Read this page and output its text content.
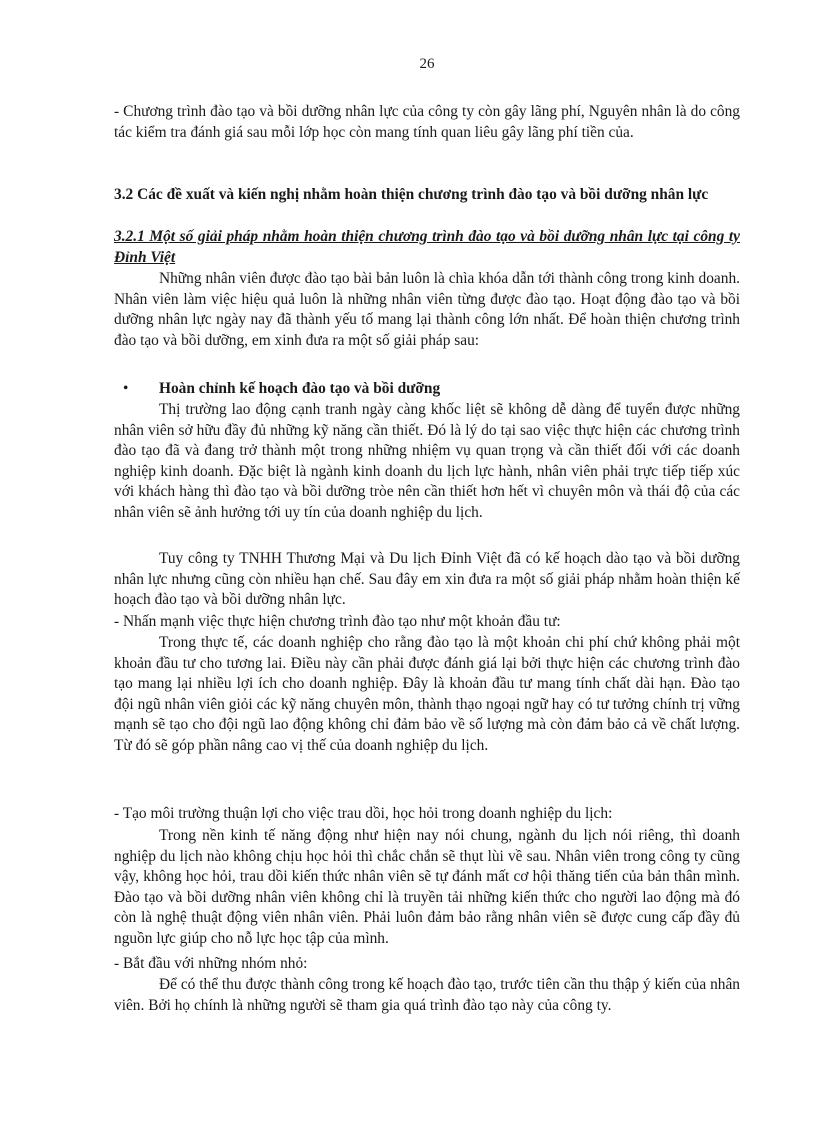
26

- Chương trình đào tạo và bồi dưỡng nhân lực của công ty còn gây lãng phí, Nguyên nhân là do công tác kiểm tra đánh giá sau mỗi lớp học còn mang tính quan liêu gây lãng phí tiền của.

3.2 Các đề xuất và kiến nghị nhằm hoàn thiện chương trình đào tạo và bồi dưỡng nhân lực

3.2.1 Một số giải pháp nhằm hoàn thiện chương trình đào tạo và bồi dưỡng nhân lực tại công ty Đỉnh Việt

Những nhân viên được đào tạo bài bản luôn là chìa khóa dẫn tới thành công trong kinh doanh. Nhân viên làm việc hiệu quả luôn là những nhân viên từng được đào tạo. Hoạt động đào tạo và bồi dưỡng nhân lực ngày nay đã thành yếu tố mang lại thành công lớn nhất. Để hoàn thiện chương trình đào tạo và bồi dưỡng, em xinh đưa ra một số giải pháp sau:

• Hoàn chỉnh kế hoạch đào tạo và bồi dưỡng

Thị trường lao động cạnh tranh ngày càng khốc liệt sẽ không dễ dàng để tuyển được những nhân viên sở hữu đầy đủ những kỹ năng cần thiết. Đó là lý do tại sao việc thực hiện các chương trình đào tạo đã và đang trở thành một trong những nhiệm vụ quan trọng và cần thiết đối với các doanh nghiệp kinh doanh. Đặc biệt là ngành kinh doanh du lịch lực hành, nhân viên phải trực tiếp tiếp xúc với khách hàng thì đào tạo và bồi dưỡng tròe nên cần thiết hơn hết vì chuyên môn và thái độ của các nhân viên sẽ ảnh hưởng tới uy tín của doanh nghiệp du lịch.

Tuy công ty TNHH Thương Mại và Du lịch Đỉnh Việt đã có kế hoạch dào tạo và bồi dưỡng nhân lực nhưng cũng còn nhiều hạn chế. Sau đây em xin đưa ra một số giải pháp nhằm hoàn thiện kế hoạch đào tạo và bồi dưỡng nhân lực.

- Nhấn mạnh việc thực hiện chương trình đào tạo như một khoản đầu tư:

Trong thực tế, các doanh nghiệp cho rằng đào tạo là một khoản chi phí chứ không phải một khoản đầu tư cho tương lai. Điều này cần phải được đánh giá lại bởi thực hiện các chương trình đào tạo mang lại nhiều lợi ích cho doanh nghiệp. Đây là khoản đầu tư mang tính chất dài hạn. Đào tạo đội ngũ nhân viên giỏi các kỹ năng chuyên môn, thành thạo ngoại ngữ hay có tư tưởng chính trị vững mạnh sẽ tạo cho đội ngũ lao động không chỉ đảm bảo về số lượng mà còn đảm bảo cả về chất lượng. Từ đó sẽ góp phần nâng cao vị thế của doanh nghiệp du lịch.

- Tạo môi trường thuận lợi cho việc trau dồi, học hỏi trong doanh nghiệp du lịch:

Trong nền kinh tế năng động như hiện nay nói chung, ngành du lịch nói riêng, thì doanh nghiệp du lịch nào không chịu học hỏi thì chắc chắn sẽ thụt lùi về sau. Nhân viên trong công ty cũng vậy, không học hỏi, trau dồi kiến thức nhân viên sẽ tự đánh mất cơ hội thăng tiến của bản thân mình. Đào tạo và bồi dưỡng nhân viên không chỉ là truyền tải những kiến thức cho người lao động mà đó còn là nghệ thuật động viên nhân viên. Phải luôn đảm bảo rằng nhân viên sẽ được cung cấp đầy đủ nguồn lực giúp cho nỗ lực học tập của mình.

- Bắt đầu với những nhóm nhỏ:

Để có thể thu được thành công trong kế hoạch đào tạo, trước tiên cần thu thập ý kiến của nhân viên. Bởi họ chính là những người sẽ tham gia quá trình đào tạo này của công ty.
